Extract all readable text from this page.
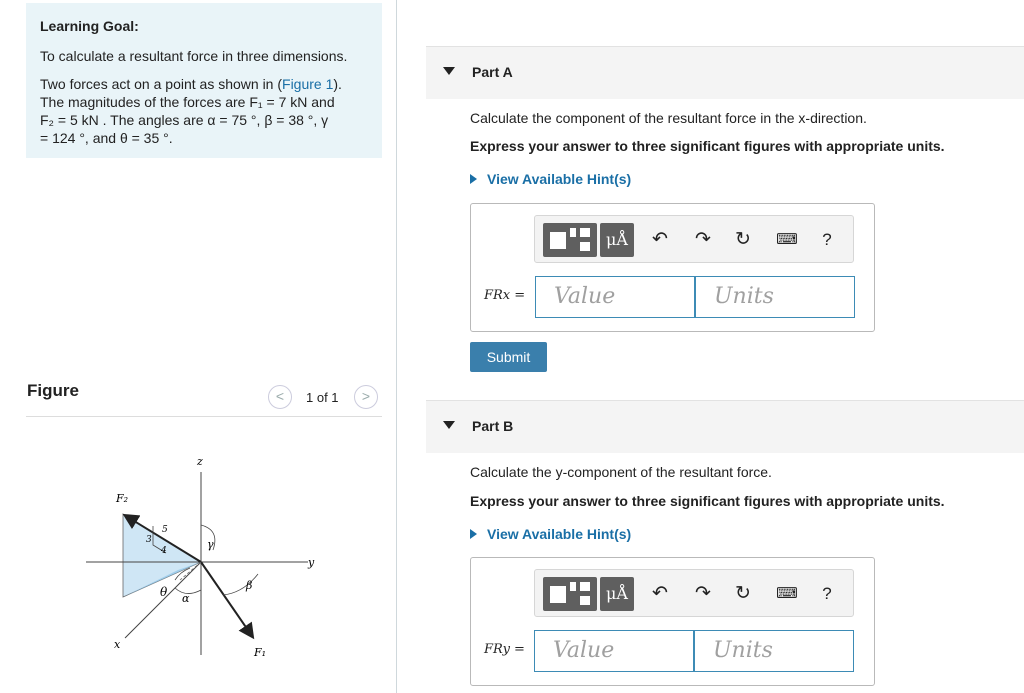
Learning Goal:
To calculate a resultant force in three dimensions.
Two forces act on a point as shown in (Figure 1).
The magnitudes of the forces are F₁ = 7 kN and
F₂ = 5 kN . The angles are α = 75 °, β = 38 °, γ
= 124 °, and θ = 35 °.
Figure	<	1 of 1	>
z
y
x
F₂
F₁
3
4
5
γ
θ α
β
Part A
Calculate the component of the resultant force in the x-direction.
Express your answer to three significant figures with appropriate units.
View Available Hint(s)
μÅ	↶ ↷ ↻ ⌨	?
FRx =	Value	Units
Submit
Part B
Calculate the y-component of the resultant force.
Express your answer to three significant figures with appropriate units.
View Available Hint(s)
μÅ	↶ ↷ ↻ ⌨	?
FRy =	Value	Units
